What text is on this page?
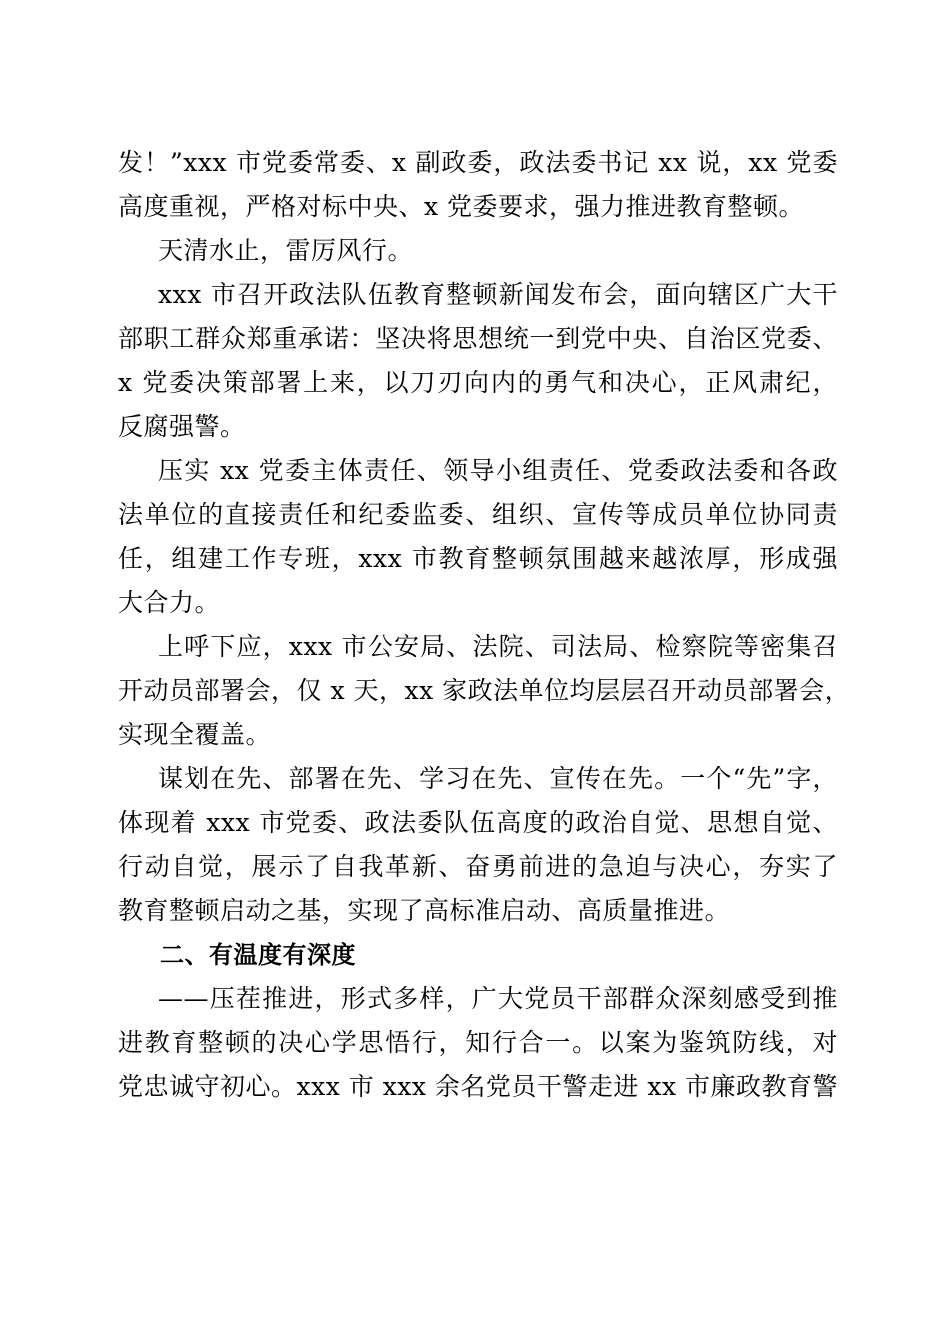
发！”xxx 市党委常委、x 副政委，政法委书记 xx 说，xx 党委
高度重视，严格对标中央、x 党委要求，强力推进教育整顿。
天清水止，雷厉风行。
xxx 市召开政法队伍教育整顿新闻发布会，面向辖区广大干
部职工群众郑重承诺：坚决将思想统一到党中央、自治区党委、
x 党委决策部署上来，以刀刃向内的勇气和决心，正风肃纪，
反腐强警。
压实 xx 党委主体责任、领导小组责任、党委政法委和各政
法单位的直接责任和纪委监委、组织、宣传等成员单位协同责
任，组建工作专班，xxx 市教育整顿氛围越来越浓厚，形成强
大合力。
上呼下应，xxx 市公安局、法院、司法局、检察院等密集召
开动员部署会，仅 x 天，xx 家政法单位均层层召开动员部署会，
实现全覆盖。
谋划在先、部署在先、学习在先、宣传在先。一个“先”字，
体现着 xxx 市党委、政法委队伍高度的政治自觉、思想自觉、
行动自觉，展示了自我革新、奋勇前进的急迫与决心，夯实了
教育整顿启动之基，实现了高标准启动、高质量推进。
二、有温度有深度
——压茬推进，形式多样，广大党员干部群众深刻感受到推
进教育整顿的决心学思悟行，知行合一。以案为鉴筑防线，对
党忠诚守初心。xxx 市 xxx 余名党员干警走进 xx 市廉政教育警
